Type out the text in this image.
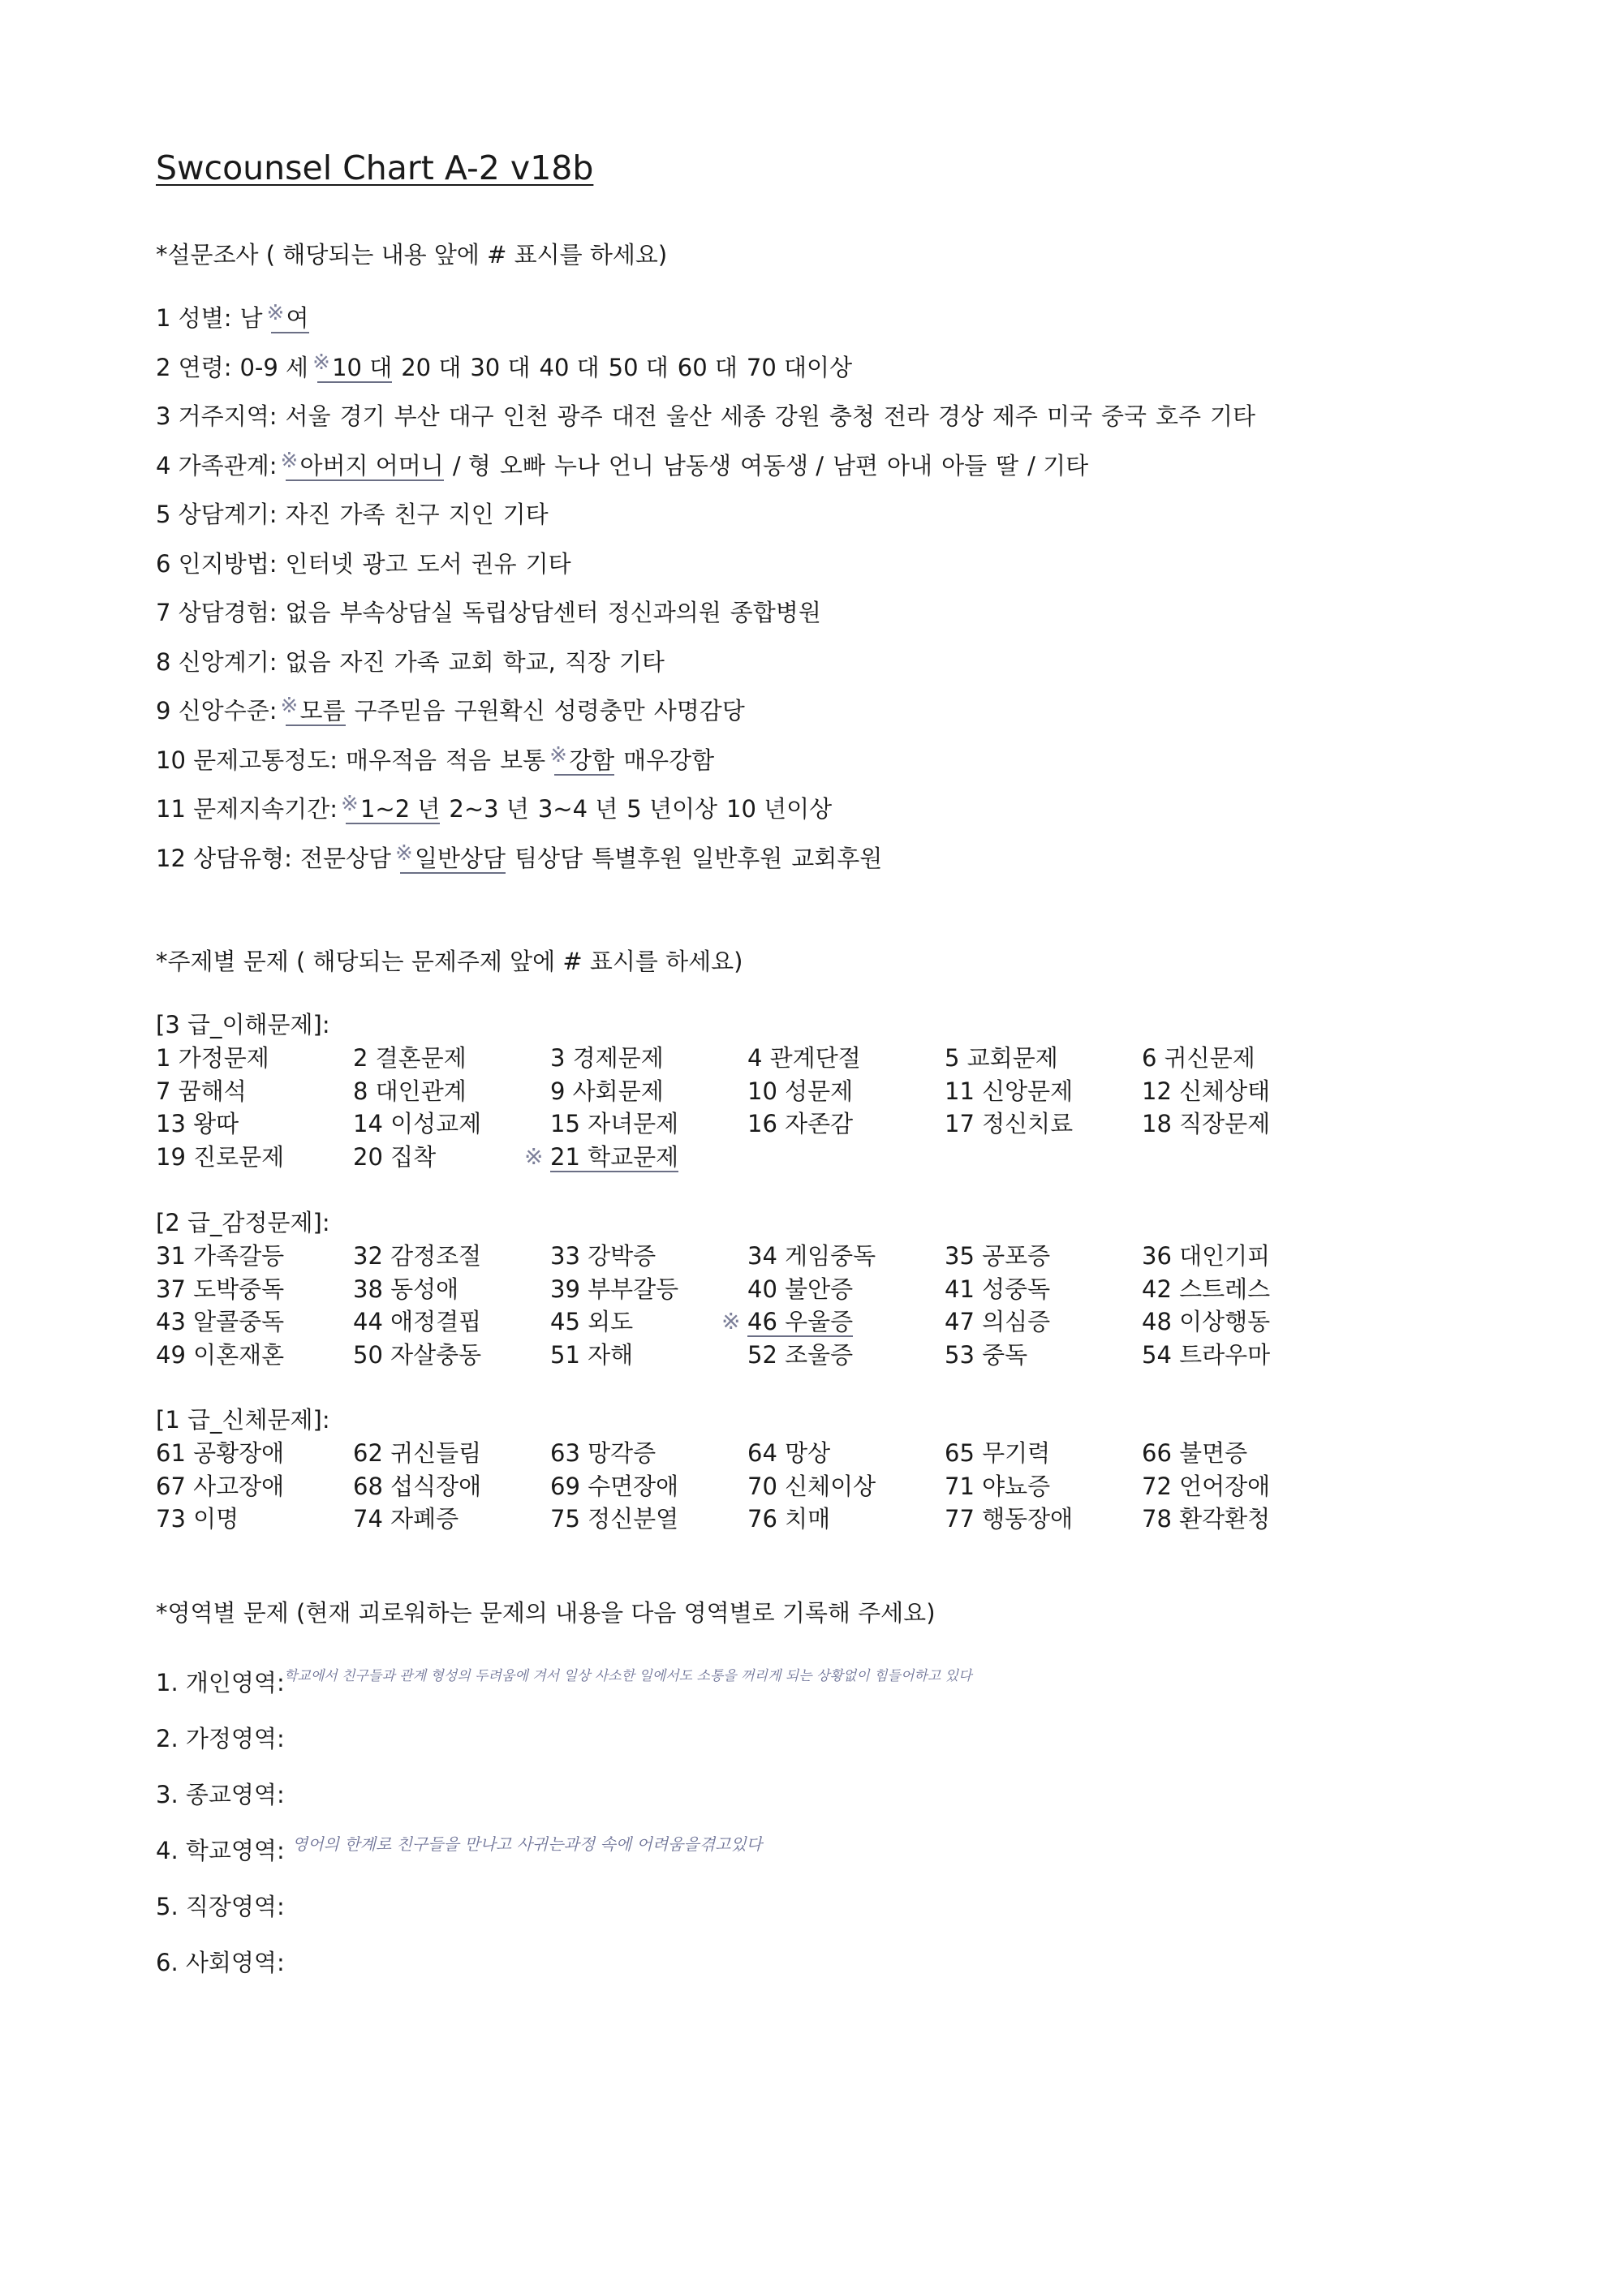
Swcounsel Chart A-2 v18b
*설문조사 ( 해당되는 내용 앞에 # 표시를 하세요)
1 성별: 남 ※ 여
2 연령: 0-9 세 ※ 10 대 20 대 30 대 40 대 50 대 60 대 70 대이상
3 거주지역: 서울 경기 부산 대구 인천 광주 대전 울산 세종 강원 충청 전라 경상 제주 미국 중국 호주 기타
4 가족관계: ※ 아버지 어머니 / 형 오빠 누나 언니 남동생 여동생 / 남편 아내 아들 딸 / 기타
5 상담계기: 자진 가족 친구 지인 기타
6 인지방법: 인터넷 광고 도서 권유 기타
7 상담경험: 없음 부속상담실 독립상담센터 정신과의원 종합병원
8 신앙계기: 없음 자진 가족 교회 학교, 직장 기타
9 신앙수준: ※ 모름 구주믿음 구원확신 성령충만 사명감당
10 문제고통정도: 매우적음 적음 보통 ※ 강함 매우강함
11 문제지속기간: ※ 1~2 년 2~3 년 3~4 년 5 년이상 10 년이상
12 상담유형: 전문상담 ※ 일반상담 팀상담 특별후원 일반후원 교회후원
*주제별 문제 ( 해당되는 문제주제 앞에 # 표시를 하세요)
[3 급_이해문제]:
1 가정문제	2 결혼문제	3 경제문제	4 관계단절	5 교회문제	6 귀신문제
7 꿈해석	8 대인관계	9 사회문제	10 성문제	11 신앙문제	12 신체상태
13 왕따	14 이성교제	15 자녀문제	16 자존감	17 정신치료	18 직장문제
19 진로문제	20 집착	※ 21 학교문제
[2 급_감정문제]:
31 가족갈등	32 감정조절	33 강박증	34 게임중독	35 공포증	36 대인기피
37 도박중독	38 동성애	39 부부갈등	40 불안증	41 성중독	42 스트레스
43 알콜중독	44 애정결핍	45 외도	※ 46 우울증	47 의심증	48 이상행동
49 이혼재혼	50 자살충동	51 자해	52 조울증	53 중독	54 트라우마
[1 급_신체문제]:
61 공황장애	62 귀신들림	63 망각증	64 망상	65 무기력	66 불면증
67 사고장애	68 섭식장애	69 수면장애	70 신체이상	71 야뇨증	72 언어장애
73 이명	74 자폐증	75 정신분열	76 치매	77 행동장애	78 환각환청
*영역별 문제 (현재 괴로워하는 문제의 내용을 다음 영역별로 기록해 주세요)
1. 개인영역: 학교에서 친구들과 관계 형성의 두려움에 겨서 일상 사소한 일에서도 소통을 꺼리게 되는 상황없이 힘들어하고 있다
2. 가정영역:
3. 종교영역:
4. 학교영역: 영어의 한계로 친구들을 만나고 사귀는과정 속에 어려움을겪고있다
5. 직장영역:
6. 사회영역:
